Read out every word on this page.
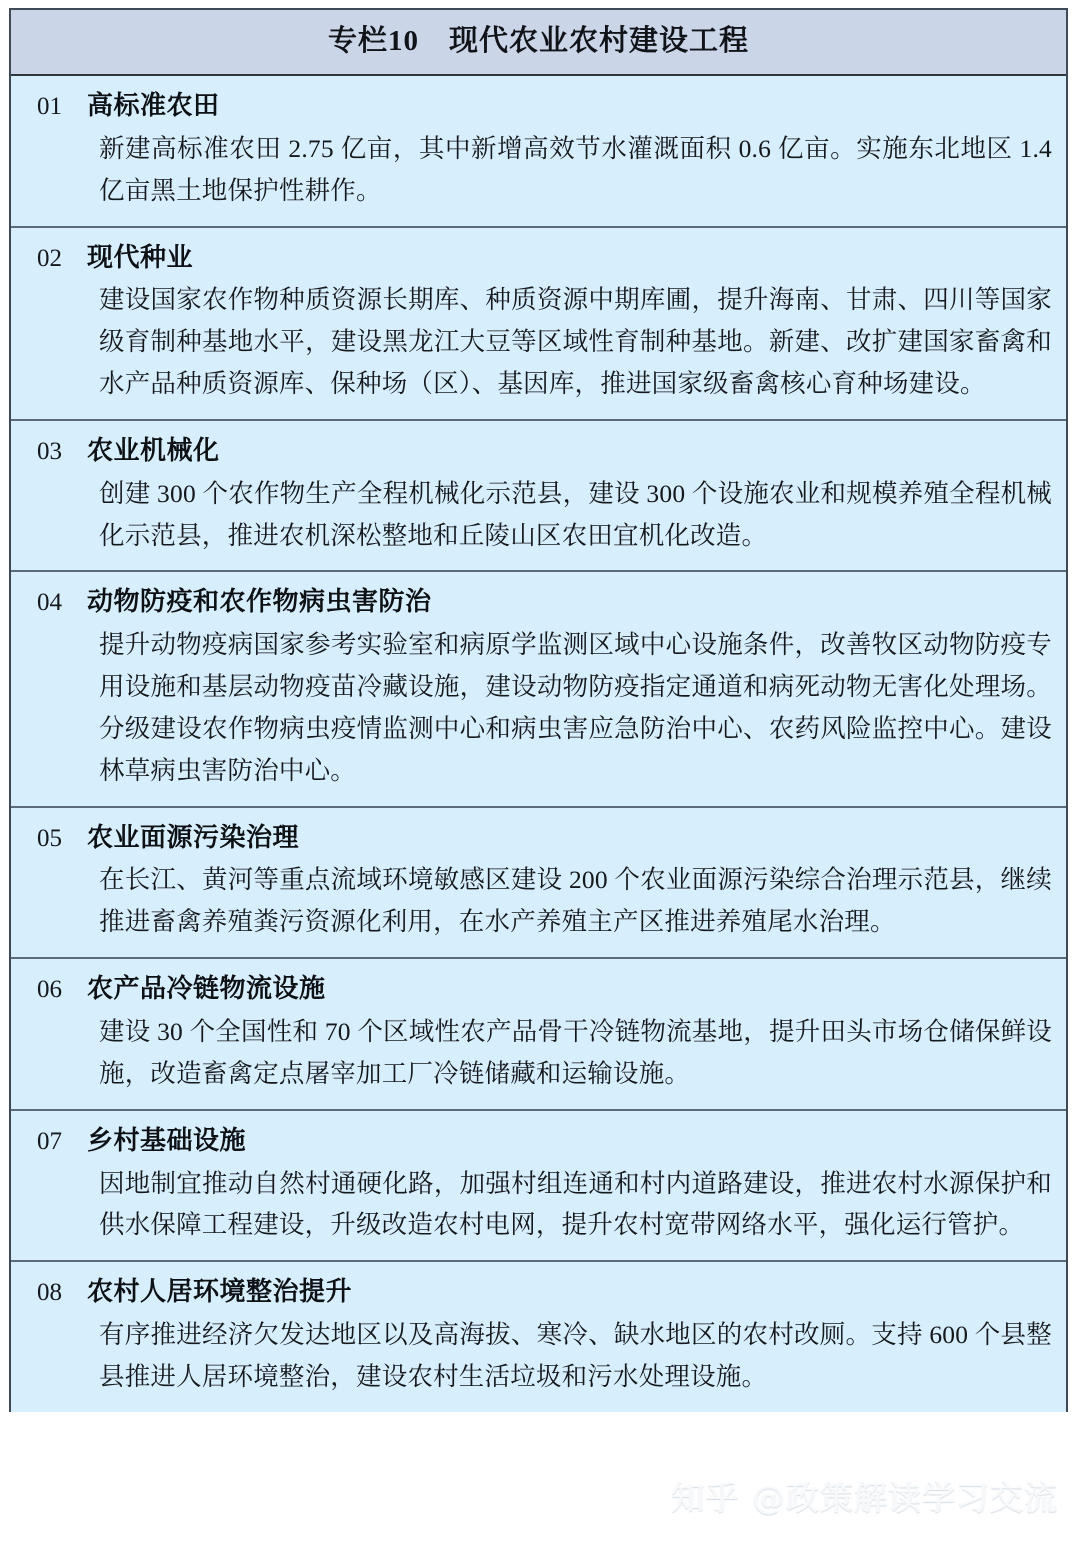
专栏10　现代农业农村建设工程
01 高标准农田
新建高标准农田 2.75 亿亩，其中新增高效节水灌溉面积 0.6 亿亩。实施东北地区 1.4 亿亩黑土地保护性耕作。
02 现代种业
建设国家农作物种质资源长期库、种质资源中期库圃，提升海南、甘肃、四川等国家级育制种基地水平，建设黑龙江大豆等区域性育制种基地。新建、改扩建国家畜禽和水产品种质资源库、保种场（区）、基因库，推进国家级畜禽核心育种场建设。
03 农业机械化
创建 300 个农作物生产全程机械化示范县，建设 300 个设施农业和规模养殖全程机械化示范县，推进农机深松整地和丘陵山区农田宜机化改造。
04 动物防疫和农作物病虫害防治
提升动物疫病国家参考实验室和病原学监测区域中心设施条件，改善牧区动物防疫专用设施和基层动物疫苗冷藏设施，建设动物防疫指定通道和病死动物无害化处理场。分级建设农作物病虫疫情监测中心和病虫害应急防治中心、农药风险监控中心。建设林草病虫害防治中心。
05 农业面源污染治理
在长江、黄河等重点流域环境敏感区建设 200 个农业面源污染综合治理示范县，继续推进畜禽养殖粪污资源化利用，在水产养殖主产区推进养殖尾水治理。
06 农产品冷链物流设施
建设 30 个全国性和 70 个区域性农产品骨干冷链物流基地，提升田头市场仓储保鲜设施，改造畜禽定点屠宰加工厂冷链储藏和运输设施。
07 乡村基础设施
因地制宜推动自然村通硬化路，加强村组连通和村内道路建设，推进农村水源保护和供水保障工程建设，升级改造农村电网，提升农村宽带网络水平，强化运行管护。
08 农村人居环境整治提升
有序推进经济欠发达地区以及高海拔、寒冷、缺水地区的农村改厕。支持 600 个县整县推进人居环境整治，建设农村生活垃圾和污水处理设施。
知乎 @政策解读学习交流
